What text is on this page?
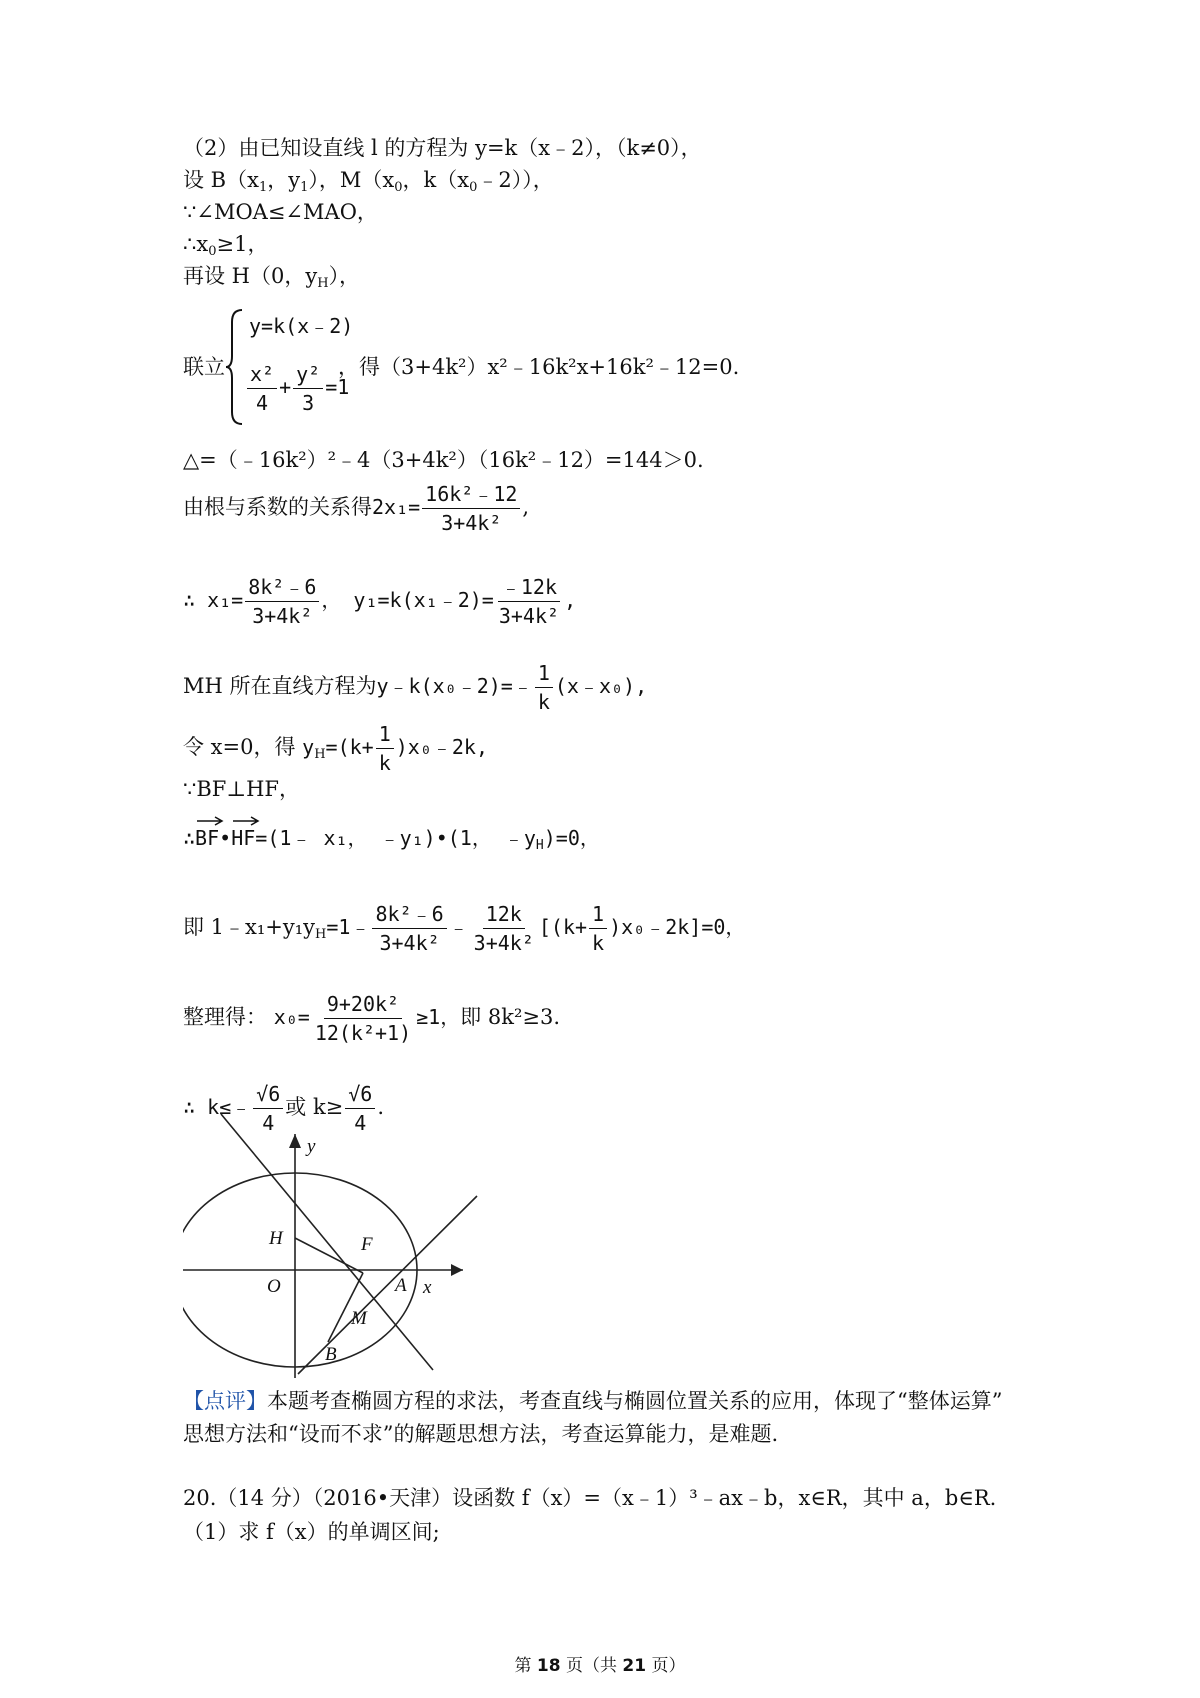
（2）由已知设直线 l 的方程为 y=k（x﹣2），（k≠0），
设 $B(x_1$，$y_1$），$M(x_0$，$k(x_0﹣2)$），
∵∠MOA≤∠MAO，
$\therefore x_0\ge 1$，
再设 H（0，$y_H$），
联立
y=k(x﹣2)
$\frac{\text{x²}}{4} + \frac{\text{y²}}{3} =1$
，得（3+4k²）x²﹣16k²x+16k²﹣12=0.
△=（﹣16k²）²﹣4（3+4k²）（16k²﹣12）=144＞0.
由根与系数的关系得$2x_1= \frac{\text{16k²﹣12}}{\text{3+4k²}}$ ,
∴ $x_1= \frac{\text{8k²﹣6}}{\text{3+4k²}}$ ， y₁=k(x₁﹣2)= $\frac{﹣12k}{\text{3+4k²}}$ ,
MH 所在直线方程为y﹣k(x₀﹣2)=﹣ $\frac{1}{k}$ (x﹣x₀),
令 x=0，得 $y_H=(k+ \frac{1}{k}$ )x₀﹣2k,
∵BF⊥HF，
∴
BF•
HF=(1﹣ x₁， ﹣y₁)•(1， $﹣y_H)=0$，
即 $1﹣x_1+y_1y_H=1﹣ \frac{\text{8k²﹣6}}{\text{3+4k²}}$ ﹣ $\frac{12k}{\text{3+4k²}} [(k+ \frac{1}{k}$ )x₀﹣2k]=0，
整理得： $x_0= \frac{\text{9+20k²}}{\text{12(k²+1)}} \ge 1$，即 8k²≥3.
∴ k≤﹣ $\frac{√6}{4}$ 或 $k\ge \frac{√6}{4}$ .
y
x
H	F
O	A
M
B
【点评】本题考查椭圆方程的求法，考查直线与椭圆位置关系的应用，体现了“整体运算”
思想方法和“设而不求”的解题思想方法，考查运算能力，是难题.
20.（14 分）（2016•天津）设函数 f（x）=（x﹣1）³﹣ax﹣b，x∈R，其中 a，b∈R.
（1）求 f（x）的单调区间;
第 18 页（共 21 页）
